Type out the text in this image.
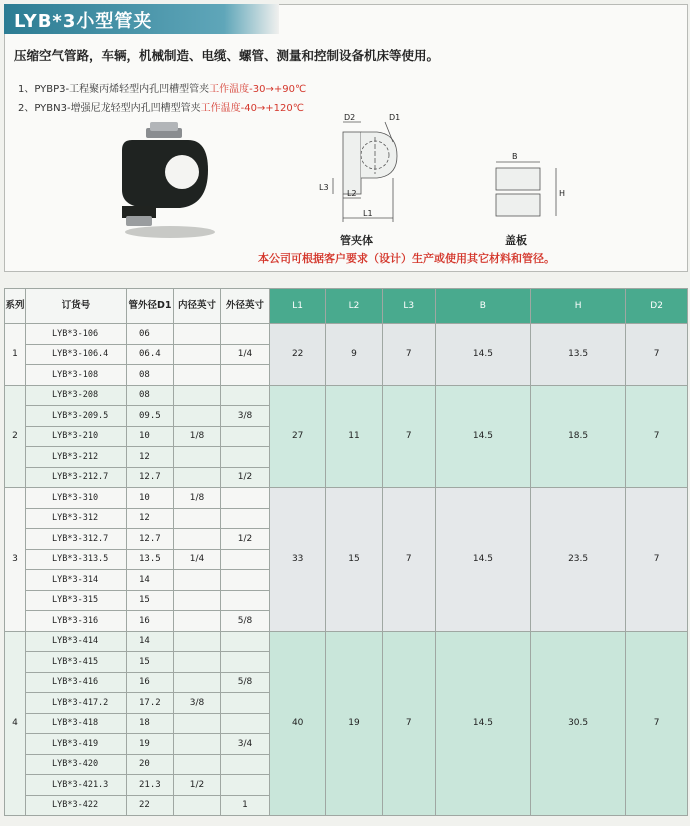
LYB*3小型管夹
压缩空气管路，车辆，机械制造、电缆、螺管、测量和控制设备机床等使用。
1、PYBP3-工程聚丙烯轻型内孔凹槽型管夹工作温度-30→+90℃
2、PYBN3-增强尼龙轻型内孔凹槽型管夹工作温度-40→+120℃
D2	D1
L3
L2
L1
管夹体
B
H
盖板
本公司可根据客户要求（设计）生产或使用其它材料和管径。
系列	订货号	管外径D1	内径英寸	外径英寸	L1	L2	L3	B	H	D2
1	LYB*3-106	06			22	9	7	14.5	13.5	7
	LYB*3-106.4	06.4		1/4						
	LYB*3-108	08								
2	LYB*3-208	08			27	11	7	14.5	18.5	7
	LYB*3-209.5	09.5		3/8						
	LYB*3-210	10	1/8							
	LYB*3-212	12								
	LYB*3-212.7	12.7		1/2						
3	LYB*3-310	10	1/8		33	15	7	14.5	23.5	7
	LYB*3-312	12								
	LYB*3-312.7	12.7		1/2						
	LYB*3-313.5	13.5	1/4							
	LYB*3-314	14								
	LYB*3-315	15								
	LYB*3-316	16		5/8						
4	LYB*3-414	14			40	19	7	14.5	30.5	7
	LYB*3-415	15								
	LYB*3-416	16		5/8						
	LYB*3-417.2	17.2	3/8							
	LYB*3-418	18								
	LYB*3-419	19		3/4						
	LYB*3-420	20								
	LYB*3-421.3	21.3	1/2							
	LYB*3-422	22		1						
